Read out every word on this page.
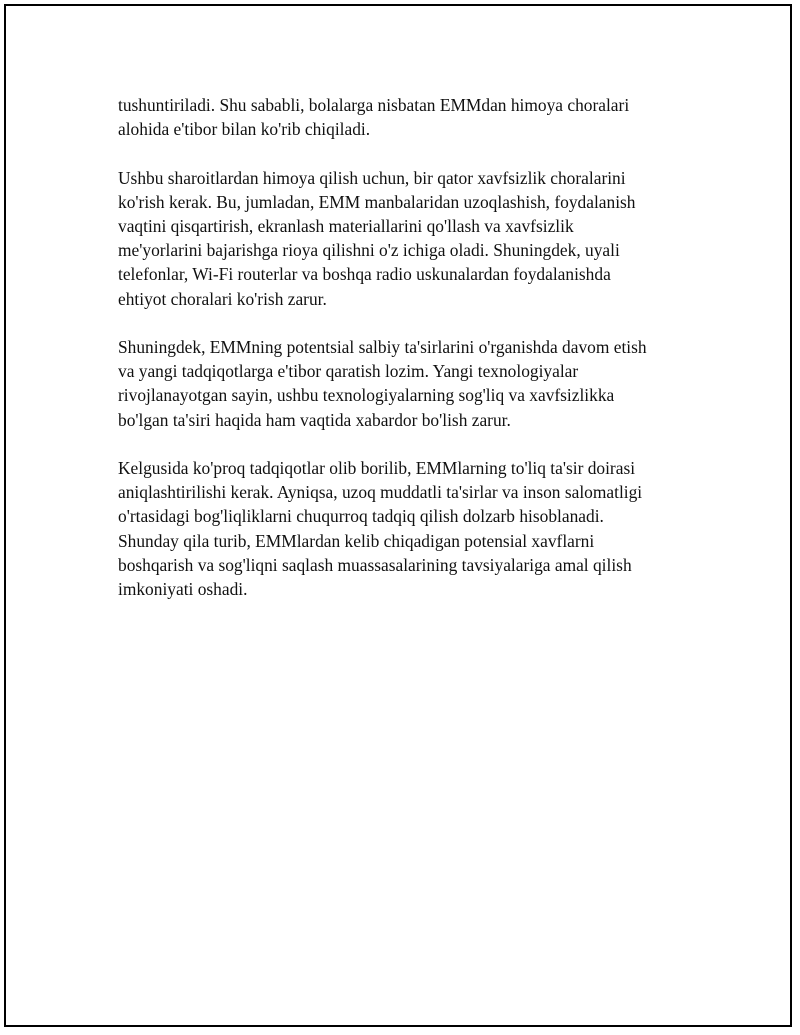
tushuntiriladi. Shu sababli, bolalarga nisbatan EMMdan himoya choralari
alohida e'tibor bilan ko'rib chiqiladi.

Ushbu sharoitlardan himoya qilish uchun, bir qator xavfsizlik choralarini
ko'rish kerak. Bu, jumladan, EMM manbalaridan uzoqlashish, foydalanish
vaqtini qisqartirish, ekranlash materiallarini qo'llash va xavfsizlik
me'yorlarini bajarishga rioya qilishni o'z ichiga oladi. Shuningdek, uyali
telefonlar, Wi-Fi routerlar va boshqa radio uskunalardan foydalanishda
ehtiyot choralari ko'rish zarur.

Shuningdek, EMMning potentsial salbiy ta'sirlarini o'rganishda davom etish
va yangi tadqiqotlarga e'tibor qaratish lozim. Yangi texnologiyalar
rivojlanayotgan sayin, ushbu texnologiyalarning sog'liq va xavfsizlikka
bo'lgan ta'siri haqida ham vaqtida xabardor bo'lish zarur.

Kelgusida ko'proq tadqiqotlar olib borilib, EMMlarning to'liq ta'sir doirasi
aniqlashtirilishi kerak. Ayniqsa, uzoq muddatli ta'sirlar va inson salomatligi
o'rtasidagi bog'liqliklarni chuqurroq tadqiq qilish dolzarb hisoblanadi.
Shunday qila turib, EMMlardan kelib chiqadigan potensial xavflarni
boshqarish va sog'liqni saqlash muassasalarining tavsiyalariga amal qilish
imkoniyati oshadi.
